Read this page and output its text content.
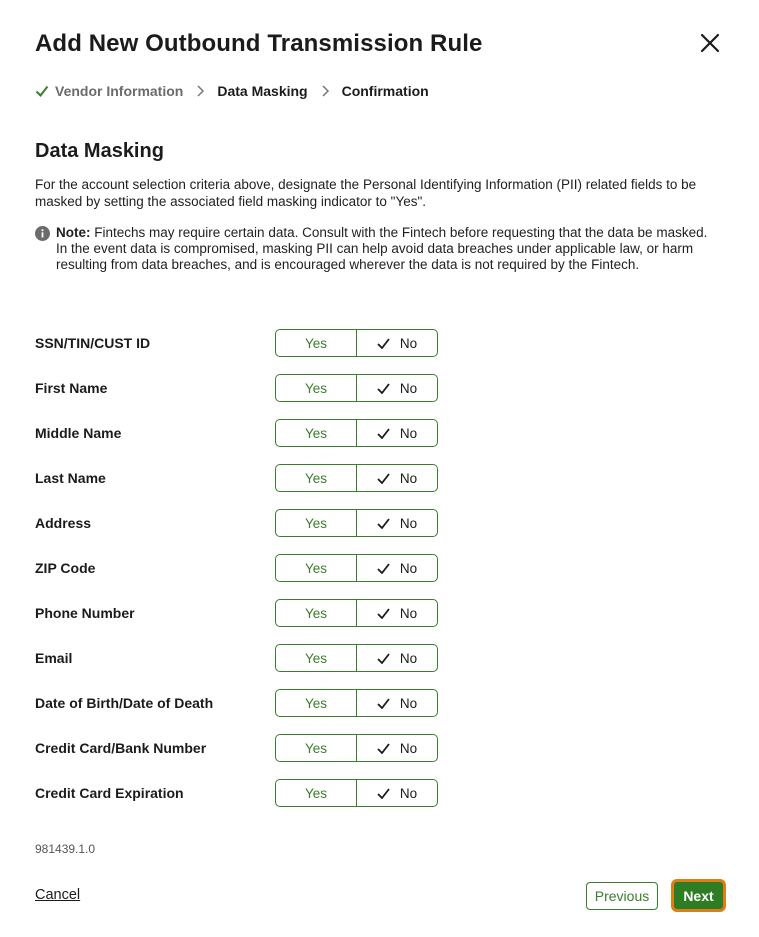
Add New Outbound Transmission Rule
Vendor Information Data Masking Confirmation
Data Masking
For the account selection criteria above, designate the Personal Identifying Information (PII) related fields to be masked by setting the associated field masking indicator to "Yes".
Note: Fintechs may require certain data. Consult with the Fintech before requesting that the data be masked. In the event data is compromised, masking PII can help avoid data breaches under applicable law, or harm resulting from data breaches, and is encouraged wherever the data is not required by the Fintech.
SSN/TIN/CUST ID	Yes	No
First Name	Yes	No
Middle Name	Yes	No
Last Name	Yes	No
Address	Yes	No
ZIP Code	Yes	No
Phone Number	Yes	No
Email	Yes	No
Date of Birth/Date of Death	Yes	No
Credit Card/Bank Number	Yes	No
Credit Card Expiration	Yes	No
981439.1.0
Cancel	Previous	Next
